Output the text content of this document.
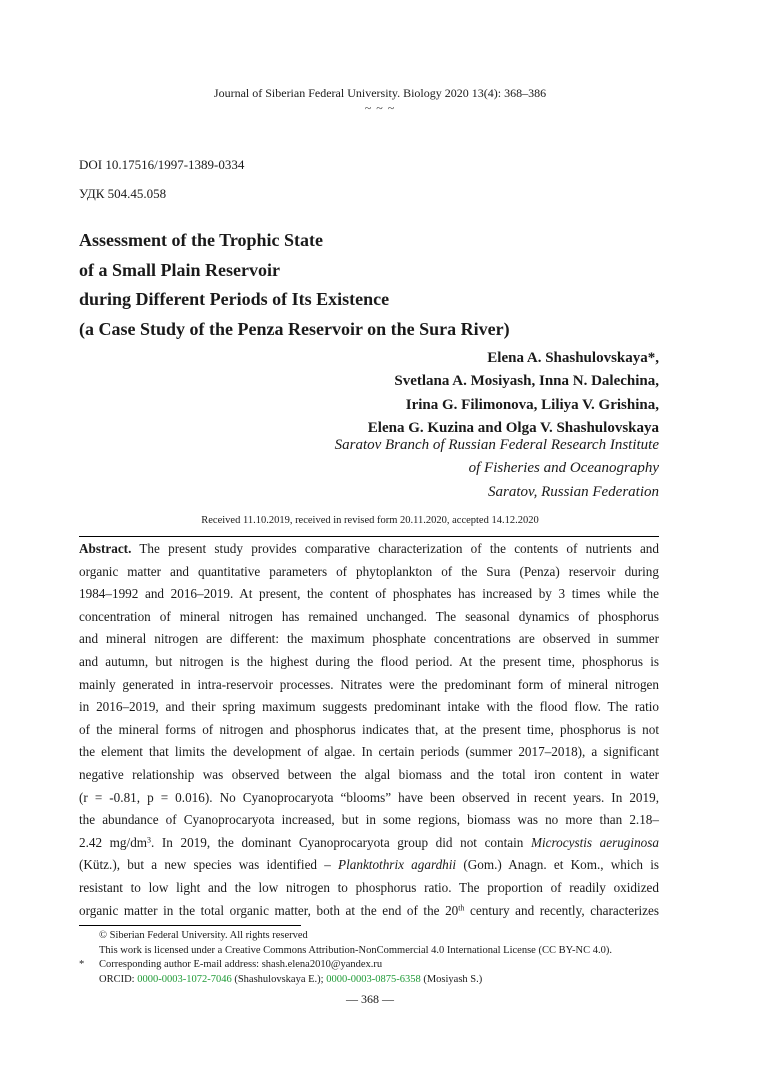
Journal of Siberian Federal University. Biology 2020 13(4): 368–386
~ ~ ~
DOI 10.17516/1997-1389-0334
УДК 504.45.058
Assessment of the Trophic State
of a Small Plain Reservoir
during Different Periods of Its Existence
(a Case Study of the Penza Reservoir on the Sura River)
Elena A. Shashulovskaya*,
Svetlana A. Mosiyash, Inna N. Dalechina,
Irina G. Filimonova, Liliya V. Grishina,
Elena G. Kuzina and Olga V. Shashulovskaya
Saratov Branch of Russian Federal Research Institute
of Fisheries and Oceanography
Saratov, Russian Federation
Received 11.10.2019, received in revised form 20.11.2020, accepted 14.12.2020
Abstract. The present study provides comparative characterization of the contents of nutrients and
organic matter and quantitative parameters of phytoplankton of the Sura (Penza) reservoir during
1984–1992 and 2016–2019. At present, the content of phosphates has increased by 3 times while the
concentration of mineral nitrogen has remained unchanged. The seasonal dynamics of phosphorus
and mineral nitrogen are different: the maximum phosphate concentrations are observed in summer
and autumn, but nitrogen is the highest during the flood period. At the present time, phosphorus is
mainly generated in intra-reservoir processes. Nitrates were the predominant form of mineral nitrogen
in 2016–2019, and their spring maximum suggests predominant intake with the flood flow. The ratio
of the mineral forms of nitrogen and phosphorus indicates that, at the present time, phosphorus is not
the element that limits the development of algae. In certain periods (summer 2017–2018), a significant
negative relationship was observed between the algal biomass and the total iron content in water
(r = -0.81, p = 0.016). No Cyanoprocaryota “blooms” have been observed in recent years. In 2019,
the abundance of Cyanoprocaryota increased, but in some regions, biomass was no more than 2.18–
2.42 $mg/dm^3$. In 2019, the dominant Cyanoprocaryota group did not contain Microcystis aeruginosa
(Kütz.), but a new species was identified – Planktothrix agardhii (Gom.) Anagn. et Kom., which is
resistant to low light and the low nitrogen to phosphorus ratio. The proportion of readily oxidized
organic matter in the total organic matter, both at the end of the 20th century and recently, characterizes
© Siberian Federal University. All rights reserved
This work is licensed under a Creative Commons Attribution-NonCommercial 4.0 International License (CC BY-NC 4.0).
* Corresponding author E-mail address: shash.elena2010@yandex.ru
ORCID: 0000-0003-1072-7046 (Shashulovskaya E.); 0000-0003-0875-6358 (Mosiyash S.)
— 368 —
